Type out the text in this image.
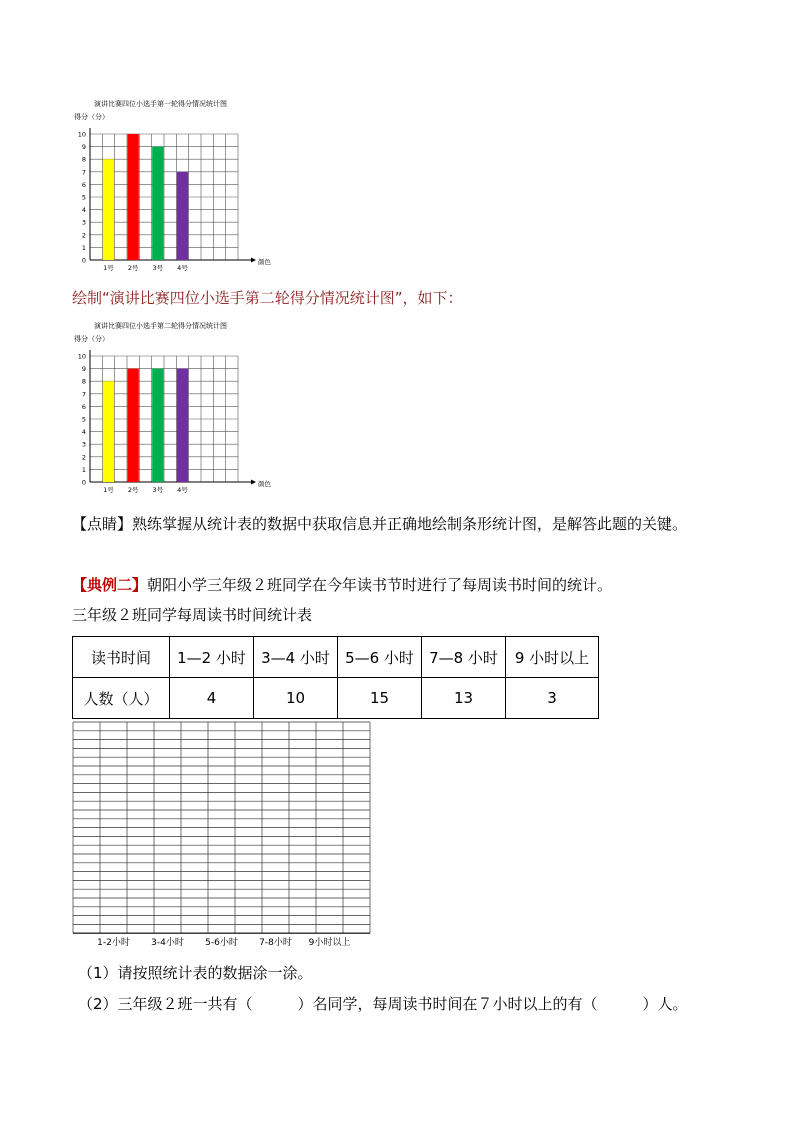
演讲比赛四位小选手第一轮得分情况统计图
得分（分）
0
1
2
3
4
5
6
7
8
9
10
颜色
1号 2号 3号 4号
绘制“演讲比赛四位小选手第二轮得分情况统计图”，如下：
演讲比赛四位小选手第二轮得分情况统计图
得分（分）
0
1
2
3
4
5
6
7
8
9
10
颜色
1号 2号 3号 4号
【点睛】熟练掌握从统计表的数据中获取信息并正确地绘制条形统计图，是解答此题的关键。
【典例二】朝阳小学三年级２班同学在今年读书节时进行了每周读书时间的统计。
三年级２班同学每周读书时间统计表
读书时间	1—2 小时	3—4 小时	5—6 小时	7—8 小时	9 小时以上
人数（人）	4	10	15	13	3
1-2小时 3-4小时 5-6小时 7-8小时 9小时以上
（1）请按照统计表的数据涂一涂。
（2）三年级２班一共有（　　　）名同学，每周读书时间在７小时以上的有（　　　）人。
